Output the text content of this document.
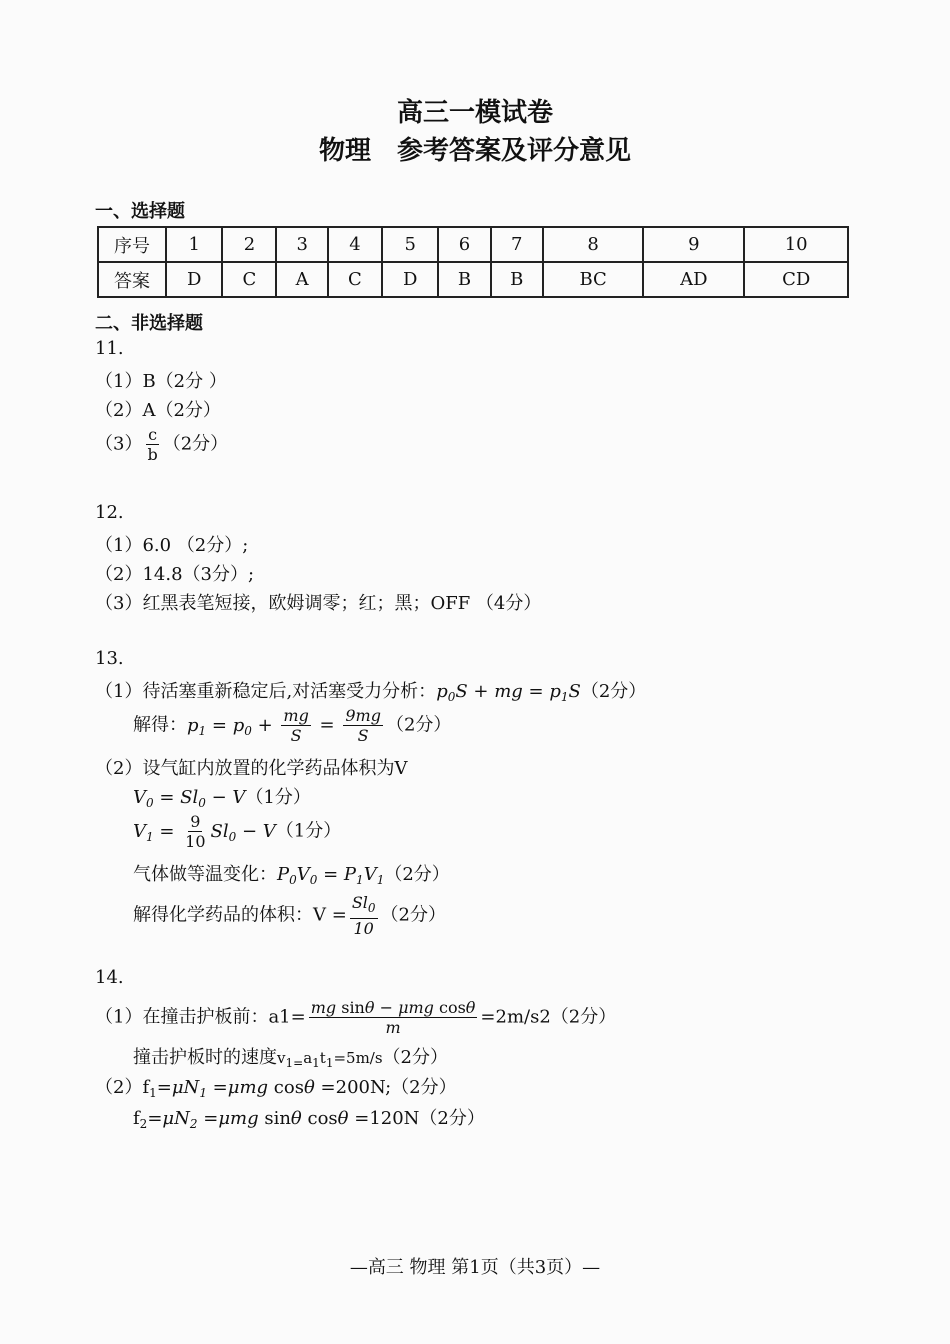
高三一模试卷
物理　参考答案及评分意见
一、选择题
序号	1	2	3	4	5	6	7	8	9	10
答案	D	C	A	C	D	B	B	BC	AD	CD
二、非选择题
11.
（1）B（2分 ）
（2）A（2分）
$(3) \frac{c}{b} (2$分）
12.
（1）6.0 （2分）;
（2）14.8（3分）;
（3）红黑表笔短接，欧姆调零；红；黑；OFF （4分）
13.
（1）待活塞重新稳定后,对活塞受力分析：$p_0S$ + mg = $p_1S(2$分）
解得：$p_1 = p_0 + \frac{mg}{S} = \frac{9mg}{S} (2$分）
（2）设气缸内放置的化学药品体积为V
$V_0 = Sl_0 - V(1$分）
$V_1 = \frac{9}{10} Sl_0 - V(1$分）
气体做等温变化：$P_0V_0 = P_1V_1(2$分）
解得化学药品的体积：$V = \frac{Sl_0}{10} (2$分）
14.
（1）在撞击护板前：$a1= \frac{\text{mg sinθ − μmg cosθ}}{m} =2m/s2(2$分）
撞击护板时的速度$v_{1=}a_1t_1=5m/s(2$分）
$(2)f_1=\mu N_1 =\mu mg$ cosθ =200N;（2分）
$f_2=\mu N_2 =\mu mg$ sinθ cosθ =120N（2分）
—高三 物理 第1页（共3页）—
